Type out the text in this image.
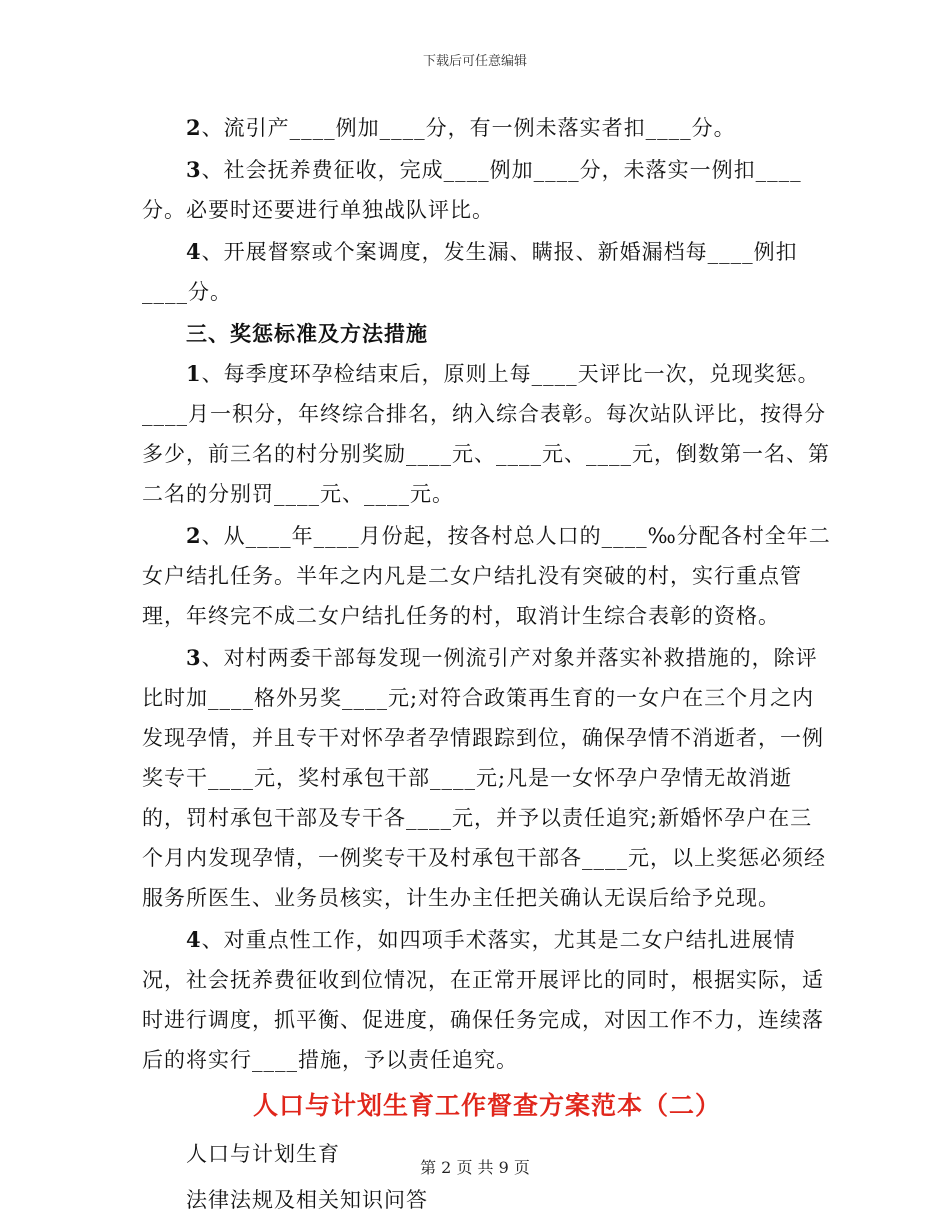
下载后可任意编辑

2、流引产____例加____分，有一例未落实者扣____分。

3、社会抚养费征收，完成____例加____分，未落实一例扣____分。必要时还要进行单独战队评比。

4、开展督察或个案调度，发生漏、瞒报、新婚漏档每____例扣____分。

三、奖惩标准及方法措施

1、每季度环孕检结束后，原则上每____天评比一次，兑现奖惩。____月一积分，年终综合排名，纳入综合表彰。每次站队评比，按得分多少，前三名的村分别奖励____元、____元、____元，倒数第一名、第二名的分别罚____元、____元。

2、从____年____月份起，按各村总人口的____‰分配各村全年二女户结扎任务。半年之内凡是二女户结扎没有突破的村，实行重点管理，年终完不成二女户结扎任务的村，取消计生综合表彰的资格。

3、对村两委干部每发现一例流引产对象并落实补救措施的，除评比时加____格外另奖____元;对符合政策再生育的一女户在三个月之内发现孕情，并且专干对怀孕者孕情跟踪到位，确保孕情不消逝者，一例奖专干____元，奖村承包干部____元;凡是一女怀孕户孕情无故消逝的，罚村承包干部及专干各____元，并予以责任追究;新婚怀孕户在三个月内发现孕情，一例奖专干及村承包干部各____元，以上奖惩必须经服务所医生、业务员核实，计生办主任把关确认无误后给予兑现。

4、对重点性工作，如四项手术落实，尤其是二女户结扎进展情况，社会抚养费征收到位情况，在正常开展评比的同时，根据实际，适时进行调度，抓平衡、促进度，确保任务完成，对因工作不力，连续落后的将实行____措施，予以责任追究。

人口与计划生育工作督查方案范本（二）

人口与计划生育

法律法规及相关知识问答

第 2 页 共 9 页
